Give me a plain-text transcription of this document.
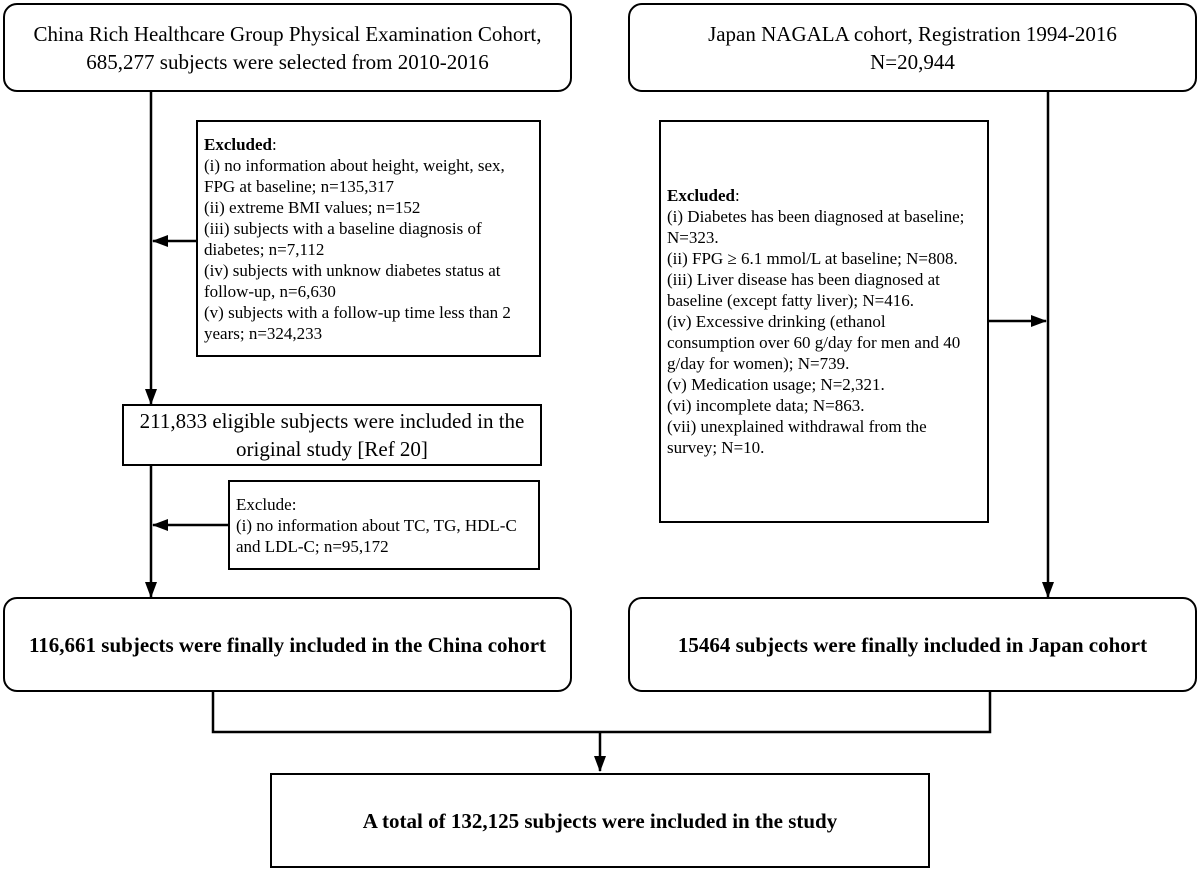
China Rich Healthcare Group Physical Examination Cohort,
685,277 subjects were selected from 2010-2016
Japan NAGALA cohort, Registration 1994-2016
N=20,944
Excluded:
(i) no information about height, weight, sex,
FPG at baseline; n=135,317
(ii) extreme BMI values; n=152
(iii) subjects with a baseline diagnosis of
diabetes; n=7,112
(iv) subjects with unknow diabetes status at
follow-up, n=6,630
(v) subjects with a follow-up time less than 2
years; n=324,233
211,833 eligible subjects were included in the
original study [Ref 20]
Exclude:
(i) no information about TC, TG, HDL-C
and LDL-C; n=95,172
Excluded:
(i) Diabetes has been diagnosed at baseline;
N=323.
(ii) FPG ≥ 6.1 mmol/L at baseline; N=808.
(iii) Liver disease has been diagnosed at
baseline (except fatty liver); N=416.
(iv) Excessive drinking (ethanol
consumption over 60 g/day for men and 40
g/day for women); N=739.
(v) Medication usage; N=2,321.
(vi) incomplete data; N=863.
(vii) unexplained withdrawal from the
survey; N=10.
116,661 subjects were finally included in the China cohort	15464 subjects were finally included in Japan cohort
A total of 132,125 subjects were included in the study
